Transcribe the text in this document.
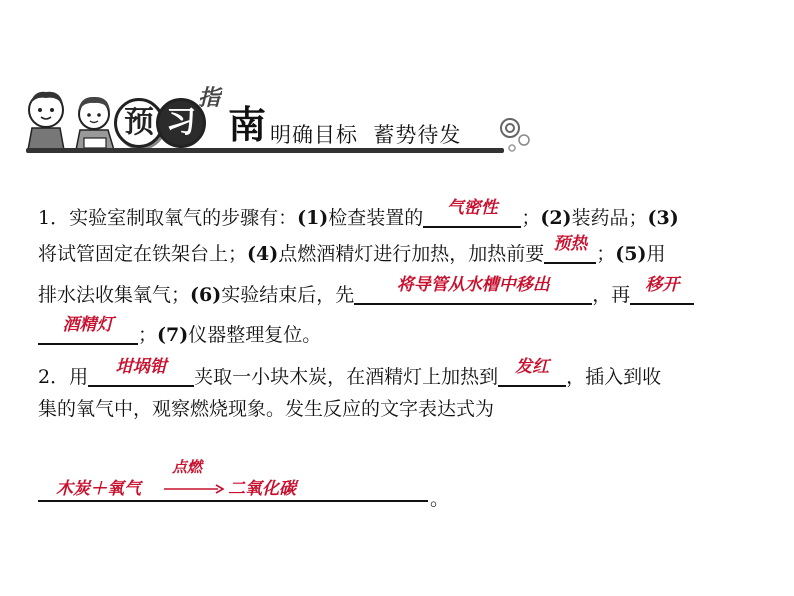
预 习
指
南 明确目标  蓄势待发
1．实验室制取氧气的步骤有：(1)检查装置的	气密性	；(2)装药品；(3)
将试管固定在铁架台上；(4)点燃酒精灯进行加热，加热前要 预热 ；(5)用
排水法收集氧气；(6)实验结束后，先	将导管从水槽中移出	，再 移开
酒精灯	；(7)仪器整理复位。
2．用	坩埚钳	夹取一小块木炭，在酒精灯上加热到	发红 ，插入到收
集的氧气中，观察燃烧现象。发生反应的文字表达式为
木炭＋氧气
点燃
→ 二氧化碳	。
